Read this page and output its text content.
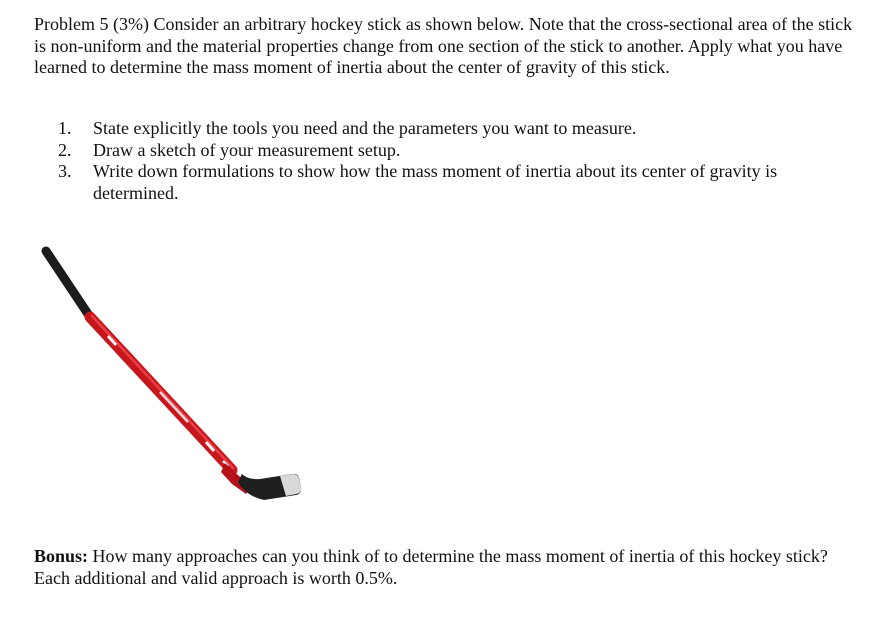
Problem 5 (3%) Consider an arbitrary hockey stick as shown below. Note that the cross-sectional area of the stick is non-uniform and the material properties change from one section of the stick to another. Apply what you have learned to determine the mass moment of inertia about the center of gravity of this stick.

1. State explicitly the tools you need and the parameters you want to measure.
2. Draw a sketch of your measurement setup.
3. Write down formulations to show how the mass moment of inertia about its center of gravity is determined.

Bonus: How many approaches can you think of to determine the mass moment of inertia of this hockey stick? Each additional and valid approach is worth 0.5%.
